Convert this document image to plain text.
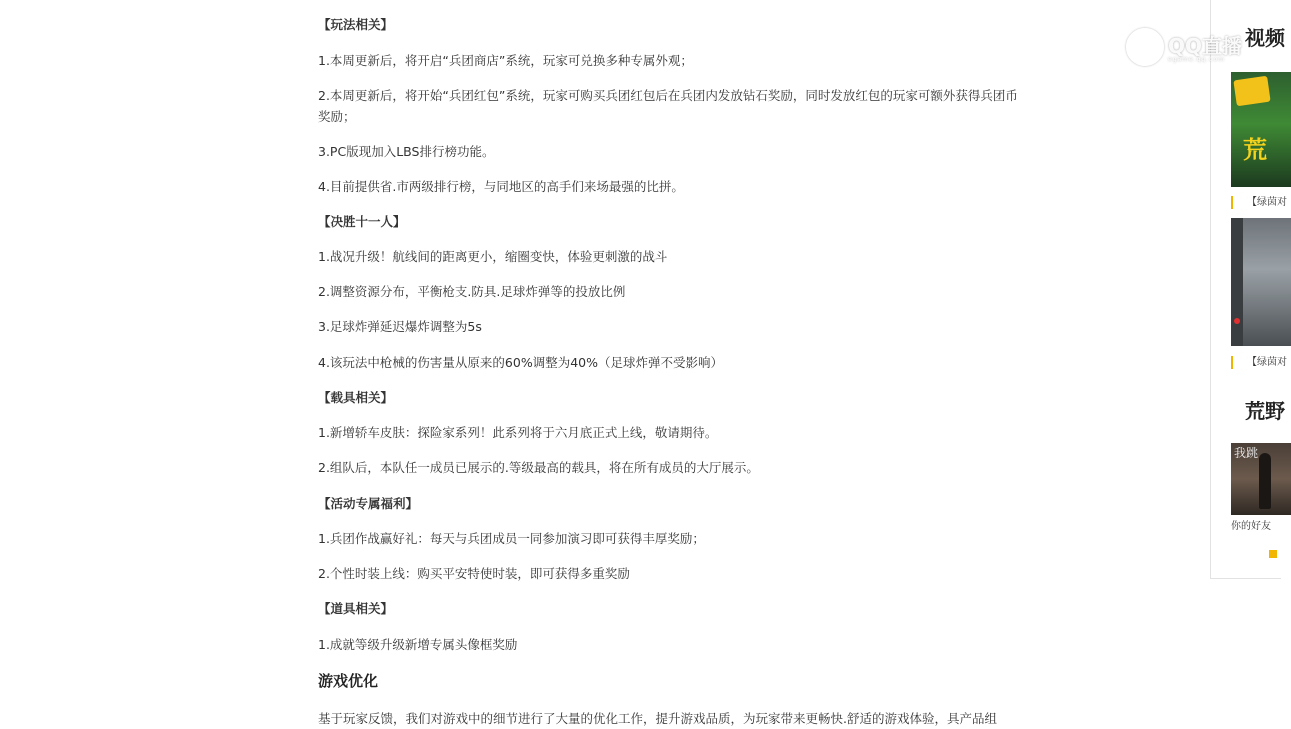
【玩法相关】
1.本周更新后，将开启“兵团商店”系统，玩家可兑换多种专属外观；
2.本周更新后，将开始“兵团红包”系统，玩家可购买兵团红包后在兵团内发放钻石奖励，同时发放红包的玩家可额外获得兵团币奖励；
3.PC版现加入LBS排行榜功能。
4.目前提供省.市两级排行榜，与同地区的高手们来场最强的比拼。
【决胜十一人】
1.战况升级！航线间的距离更小，缩圈变快，体验更刺激的战斗
2.调整资源分布，平衡枪支.防具.足球炸弹等的投放比例
3.足球炸弹延迟爆炸调整为5s
4.该玩法中枪械的伤害量从原来的60%调整为40%（足球炸弹不受影响）
【载具相关】
1.新增轿车皮肤：探险家系列！此系列将于六月底正式上线，敬请期待。
2.组队后，本队任一成员已展示的.等级最高的载具，将在所有成员的大厅展示。
【活动专属福利】
1.兵团作战赢好礼：每天与兵团成员一同参加演习即可获得丰厚奖励；
2.个性时装上线：购买平安特使时装，即可获得多重奖励
【道具相关】
1.成就等级升级新增专属头像框奖励
游戏优化
基于玩家反馈，我们对游戏中的细节进行了大量的优化工作，提升游戏品质，为玩家带来更畅快.舒适的游戏体验，具产品组
视频
荒
【绿茵对
【绿茵对
荒野
我跳
你的好友
QQ直播
egame.qq.com
